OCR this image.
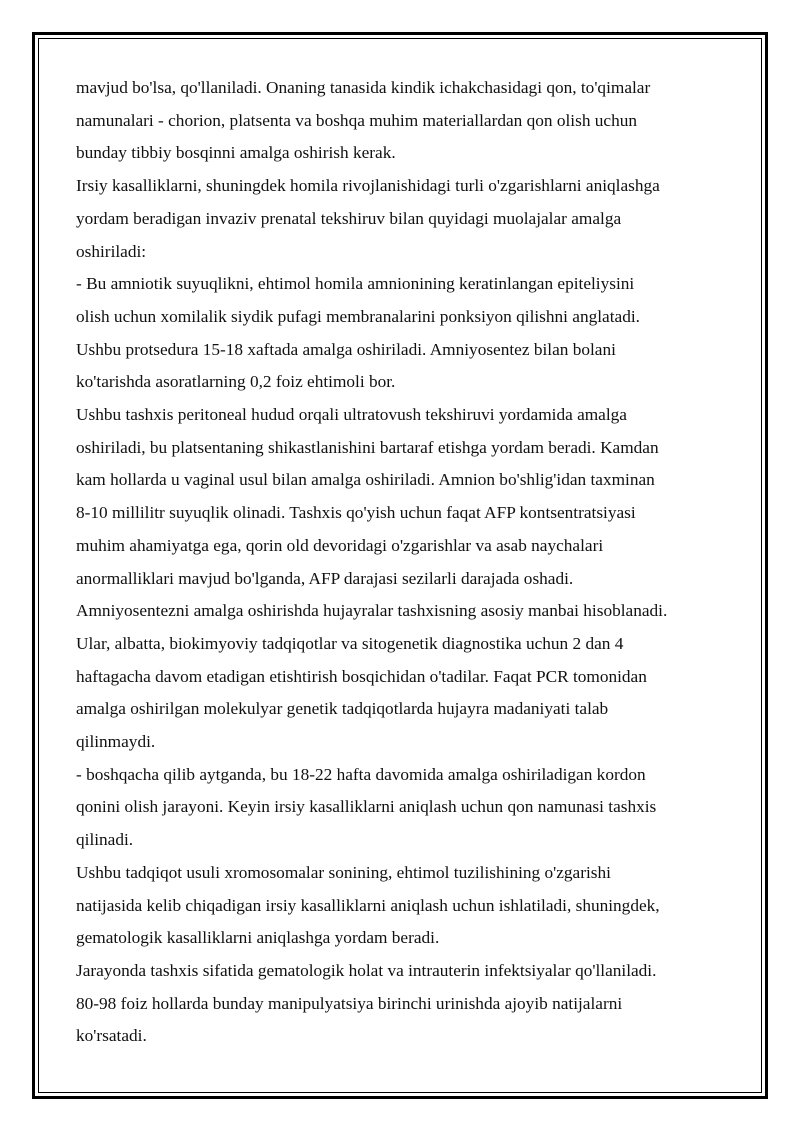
mavjud bo'lsa, qo'llaniladi. Onaning tanasida kindik ichakchasidagi qon, to'qimalar
namunalari - chorion, platsenta va boshqa muhim materiallardan qon olish uchun
bunday tibbiy bosqinni amalga oshirish kerak.
Irsiy kasalliklarni, shuningdek homila rivojlanishidagi turli o'zgarishlarni aniqlashga
yordam beradigan invaziv prenatal tekshiruv bilan quyidagi muolajalar amalga
oshiriladi:
- Bu amniotik suyuqlikni, ehtimol homila amnionining keratinlangan epiteliysini
olish uchun xomilalik siydik pufagi membranalarini ponksiyon qilishni anglatadi.
Ushbu protsedura 15-18 xaftada amalga oshiriladi. Amniyosentez bilan bolani
ko'tarishda asoratlarning 0,2 foiz ehtimoli bor.
Ushbu tashxis peritoneal hudud orqali ultratovush tekshiruvi yordamida amalga
oshiriladi, bu platsentaning shikastlanishini bartaraf etishga yordam beradi. Kamdan
kam hollarda u vaginal usul bilan amalga oshiriladi. Amnion bo'shlig'idan taxminan
8-10 millilitr suyuqlik olinadi. Tashxis qo'yish uchun faqat AFP kontsentratsiyasi
muhim ahamiyatga ega, qorin old devoridagi o'zgarishlar va asab naychalari
anormalliklari mavjud bo'lganda, AFP darajasi sezilarli darajada oshadi.
Amniyosentezni amalga oshirishda hujayralar tashxisning asosiy manbai hisoblanadi.
Ular, albatta, biokimyoviy tadqiqotlar va sitogenetik diagnostika uchun 2 dan 4
haftagacha davom etadigan etishtirish bosqichidan o'tadilar. Faqat PCR tomonidan
amalga oshirilgan molekulyar genetik tadqiqotlarda hujayra madaniyati talab
qilinmaydi.
- boshqacha qilib aytganda, bu 18-22 hafta davomida amalga oshiriladigan kordon
qonini olish jarayoni. Keyin irsiy kasalliklarni aniqlash uchun qon namunasi tashxis
qilinadi.
Ushbu tadqiqot usuli xromosomalar sonining, ehtimol tuzilishining o'zgarishi
natijasida kelib chiqadigan irsiy kasalliklarni aniqlash uchun ishlatiladi, shuningdek,
gematologik kasalliklarni aniqlashga yordam beradi.
Jarayonda tashxis sifatida gematologik holat va intrauterin infektsiyalar qo'llaniladi.
80-98 foiz hollarda bunday manipulyatsiya birinchi urinishda ajoyib natijalarni
ko'rsatadi.
